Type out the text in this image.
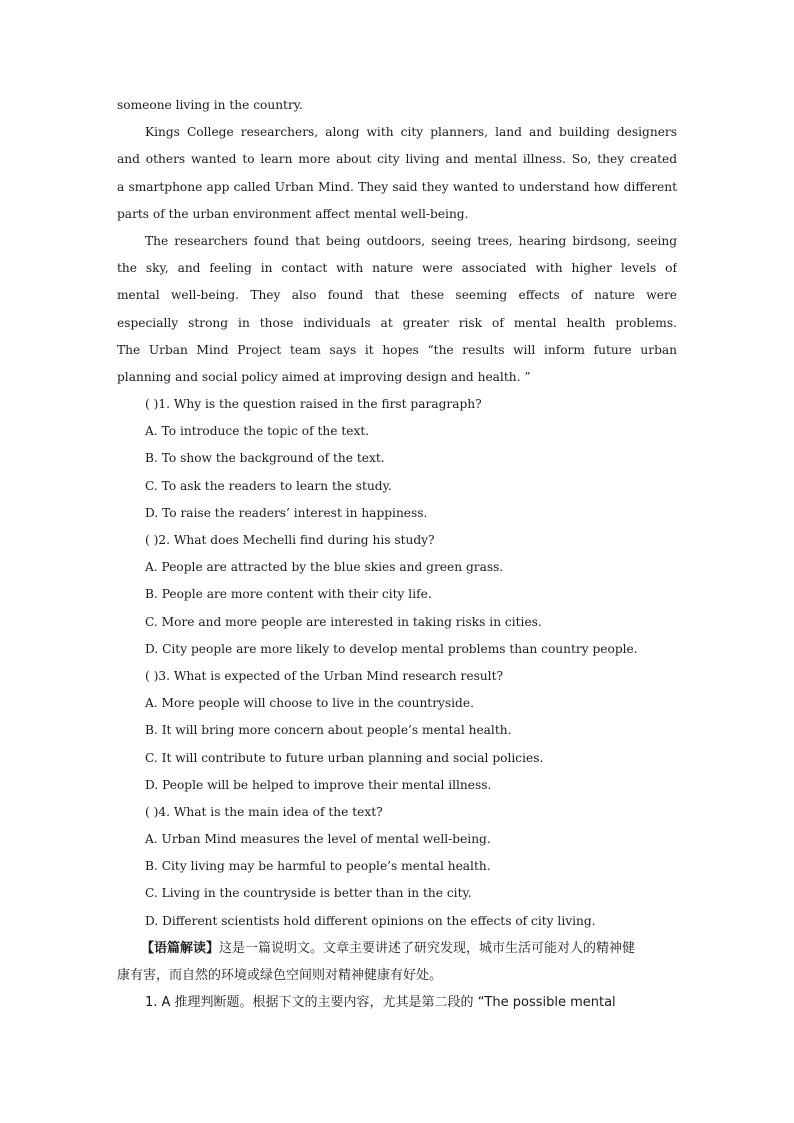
someone living in the country.
Kings College researchers, along with city planners, land and building designers
and others wanted to learn more about city living and mental illness. So, they created
a smartphone app called Urban Mind. They said they wanted to understand how different
parts of the urban environment affect mental well-being.
The researchers found that being outdoors, seeing trees, hearing birdsong, seeing
the sky, and feeling in contact with nature were associated with higher levels of
mental well-being. They also found that these seeming effects of nature were
especially strong in those individuals at greater risk of mental health problems.
The Urban Mind Project team says it hopes “the results will inform future urban
planning and social policy aimed at improving design and health. ”
( )1. Why is the question raised in the first paragraph?
A. To introduce the topic of the text.
B. To show the background of the text.
C. To ask the readers to learn the study.
D. To raise the readers’ interest in happiness.
( )2. What does Mechelli find during his study?
A. People are attracted by the blue skies and green grass.
B. People are more content with their city life.
C. More and more people are interested in taking risks in cities.
D. City people are more likely to develop mental problems than country people.
( )3. What is expected of the Urban Mind research result?
A. More people will choose to live in the countryside.
B. It will bring more concern about people’s mental health.
C. It will contribute to future urban planning and social policies.
D. People will be helped to improve their mental illness.
( )4. What is the main idea of the text?
A. Urban Mind measures the level of mental well-being.
B. City living may be harmful to people’s mental health.
C. Living in the countryside is better than in the city.
D. Different scientists hold different opinions on the effects of city living.
【语篇解读】这是一篇说明文。文章主要讲述了研究发现，城市生活可能对人的精神健
康有害，而自然的环境或绿色空间则对精神健康有好处。
1. A 推理判断题。根据下文的主要内容，尤其是第二段的 “The possible mental
